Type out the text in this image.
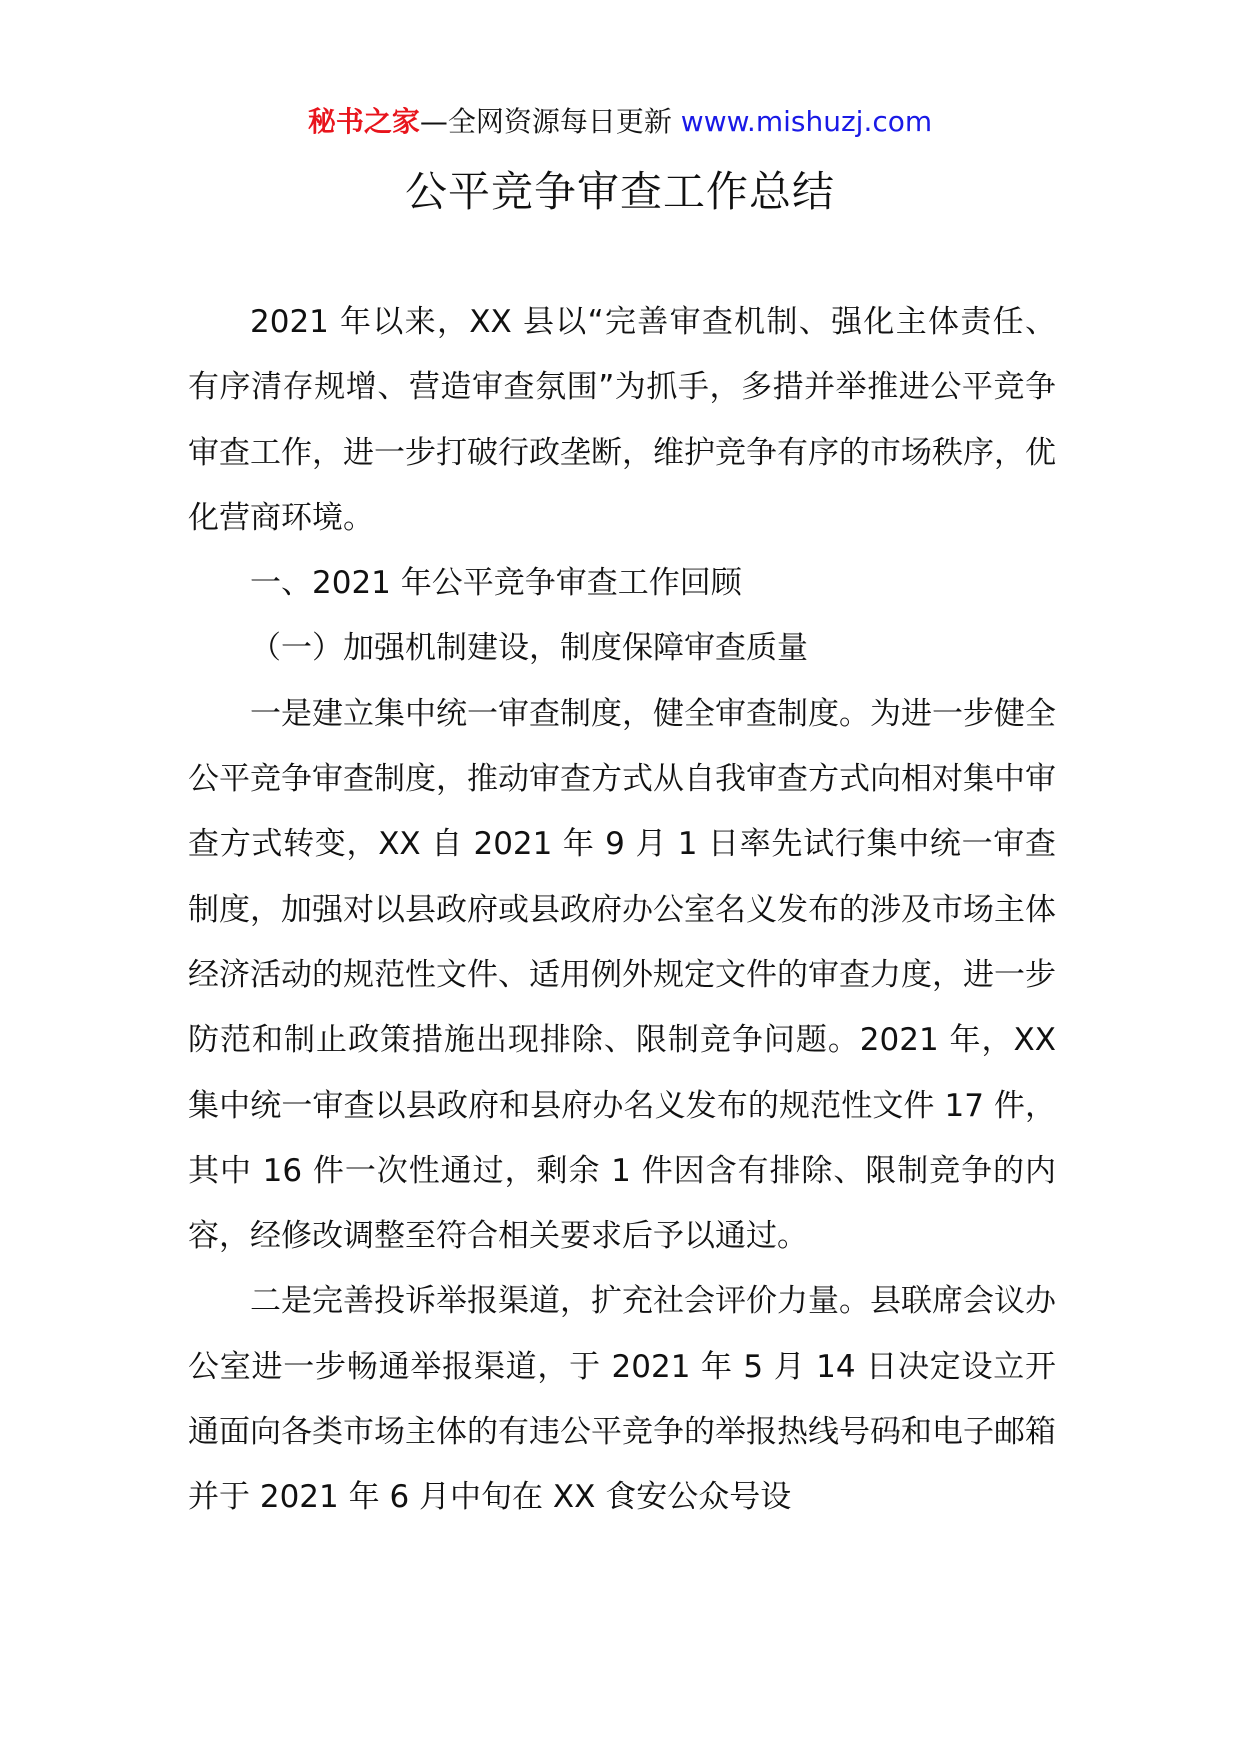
秘书之家—全网资源每日更新 www.mishuzj.com
公平竞争审查工作总结

2021 年以来，XX 县以“完善审查机制、强化主体责任、有序清存规增、营造审查氛围”为抓手，多措并举推进公平竞争审查工作，进一步打破行政垄断，维护竞争有序的市场秩序，优化营商环境。

一、2021 年公平竞争审查工作回顾

（一）加强机制建设，制度保障审查质量

一是建立集中统一审查制度，健全审查制度。为进一步健全公平竞争审查制度，推动审查方式从自我审查方式向相对集中审查方式转变，XX 自 2021 年 9 月 1 日率先试行集中统一审查制度，加强对以县政府或县政府办公室名义发布的涉及市场主体经济活动的规范性文件、适用例外规定文件的审查力度，进一步防范和制止政策措施出现排除、限制竞争问题。2021 年，XX 集中统一审查以县政府和县府办名义发布的规范性文件 17 件，其中 16 件一次性通过，剩余 1 件因含有排除、限制竞争的内容，经修改调整至符合相关要求后予以通过。

二是完善投诉举报渠道，扩充社会评价力量。县联席会议办公室进一步畅通举报渠道，于 2021 年 5 月 14 日决定设立开通面向各类市场主体的有违公平竞争的举报热线号码和电子邮箱并于 2021 年 6 月中旬在 XX 食安公众号设
